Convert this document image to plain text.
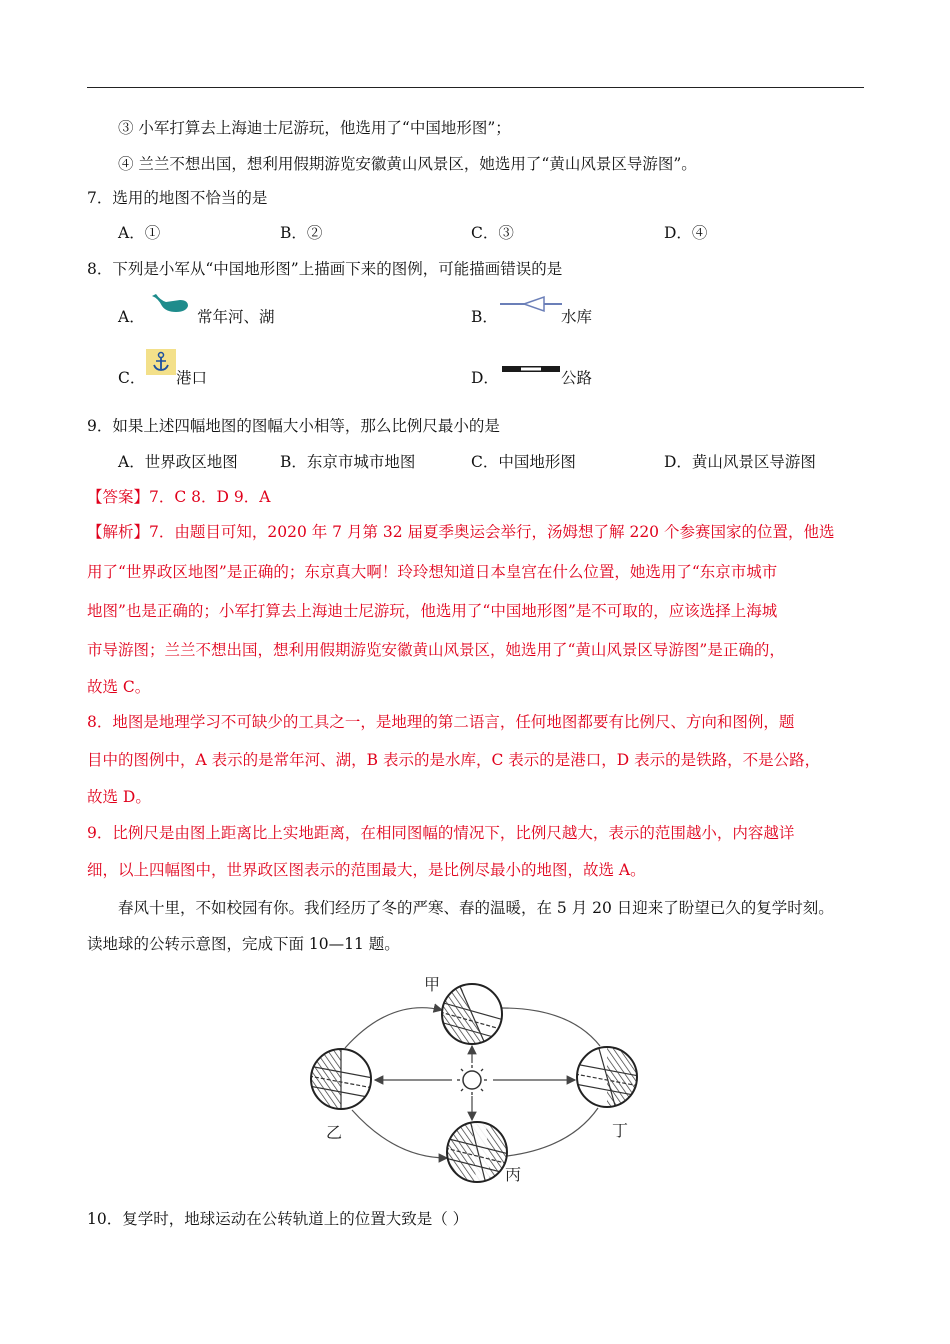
③ 小军打算去上海迪士尼游玩，他选用了“中国地形图”；
④ 兰兰不想出国，想利用假期游览安徽黄山风景区，她选用了“黄山风景区导游图”。
7．选用的地图不恰当的是
A．①	B．②	C．③	D．④
8．下列是小军从“中国地形图”上描画下来的图例，可能描画错误的是
A．	常年河、湖	B．	水库
C． 港口	D．	公路
9．如果上述四幅地图的图幅大小相等，那么比例尺最小的是
A．世界政区地图	B．东京市城市地图	C．中国地形图	D．黄山风景区导游图
【答案】7．C 8．D 9．A
【解析】7．由题目可知，2020 年 7 月第 32 届夏季奥运会举行，汤姆想了解 220 个参赛国家的位置，他选
用了“世界政区地图”是正确的；东京真大啊！玲玲想知道日本皇宫在什么位置，她选用了“东京市城市
地图”也是正确的；小军打算去上海迪士尼游玩，他选用了“中国地形图”是不可取的，应该选择上海城
市导游图；兰兰不想出国，想利用假期游览安徽黄山风景区，她选用了“黄山风景区导游图”是正确的，
故选 C。
8．地图是地理学习不可缺少的工具之一，是地理的第二语言，任何地图都要有比例尺、方向和图例，题
目中的图例中，A 表示的是常年河、湖，B 表示的是水库，C 表示的是港口，D 表示的是铁路，不是公路，
故选 D。
9．比例尺是由图上距离比上实地距离，在相同图幅的情况下，比例尺越大，表示的范围越小，内容越详
细，以上四幅图中，世界政区图表示的范围最大，是比例尽最小的地图，故选 A。
春风十里，不如校园有你。我们经历了冬的严寒、春的温暖，在 5 月 20 日迎来了盼望已久的复学时刻。
读地球的公转示意图，完成下面 10—11 题。
甲
乙
丙
丁
10．复学时，地球运动在公转轨道上的位置大致是（ ）
